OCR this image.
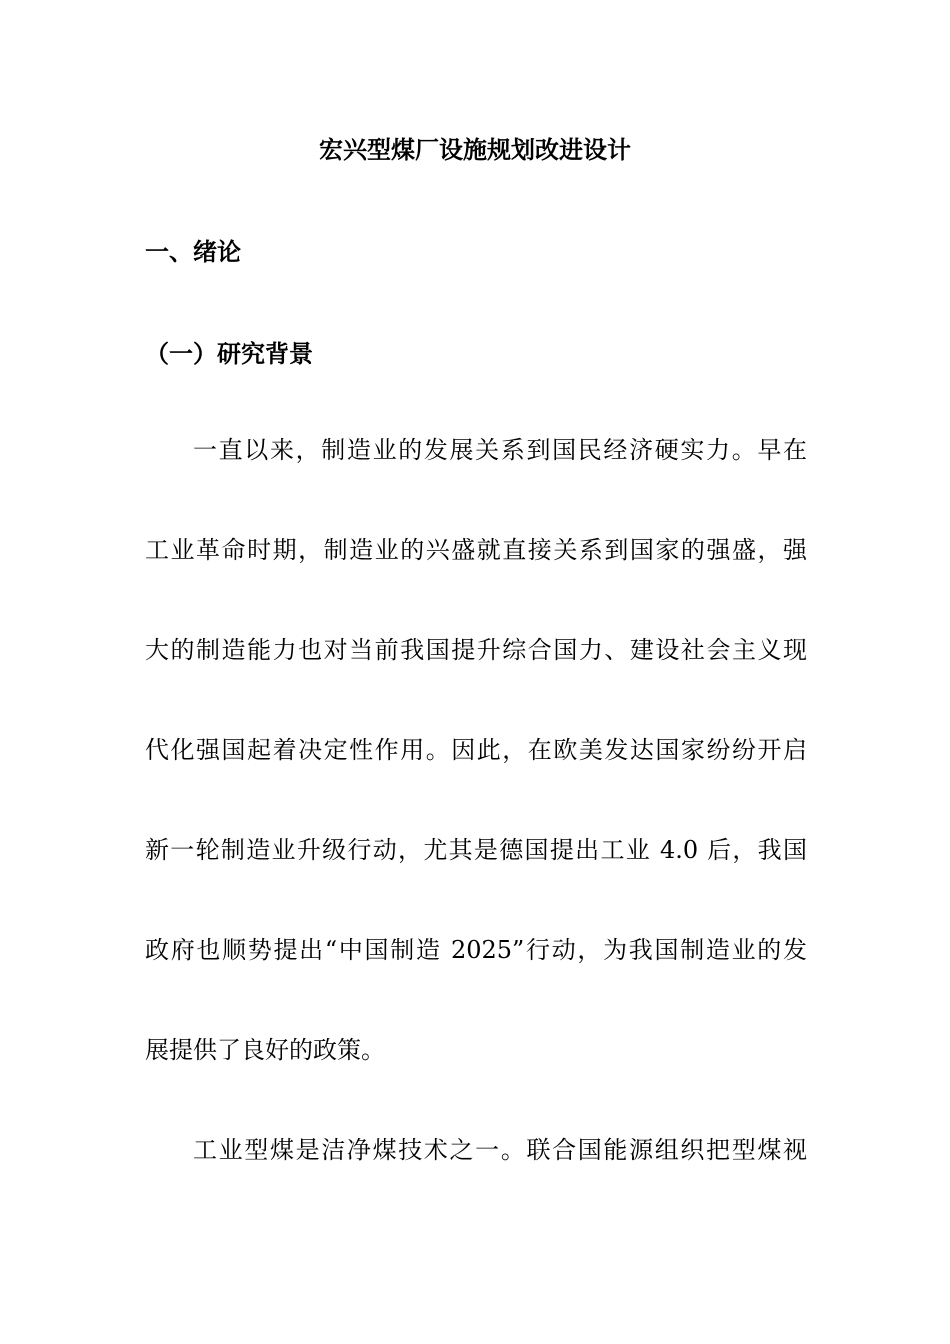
宏兴型煤厂设施规划改进设计
一、绪论
（一）研究背景
一直以来，制造业的发展关系到国民经济硬实力。早在
工业革命时期，制造业的兴盛就直接关系到国家的强盛，强
大的制造能力也对当前我国提升综合国力、建设社会主义现
代化强国起着决定性作用。因此，在欧美发达国家纷纷开启
新一轮制造业升级行动，尤其是德国提出工业 4.0 后，我国
政府也顺势提出“中国制造 2025”行动，为我国制造业的发
展提供了良好的政策。
工业型煤是洁净煤技术之一。联合国能源组织把型煤视
